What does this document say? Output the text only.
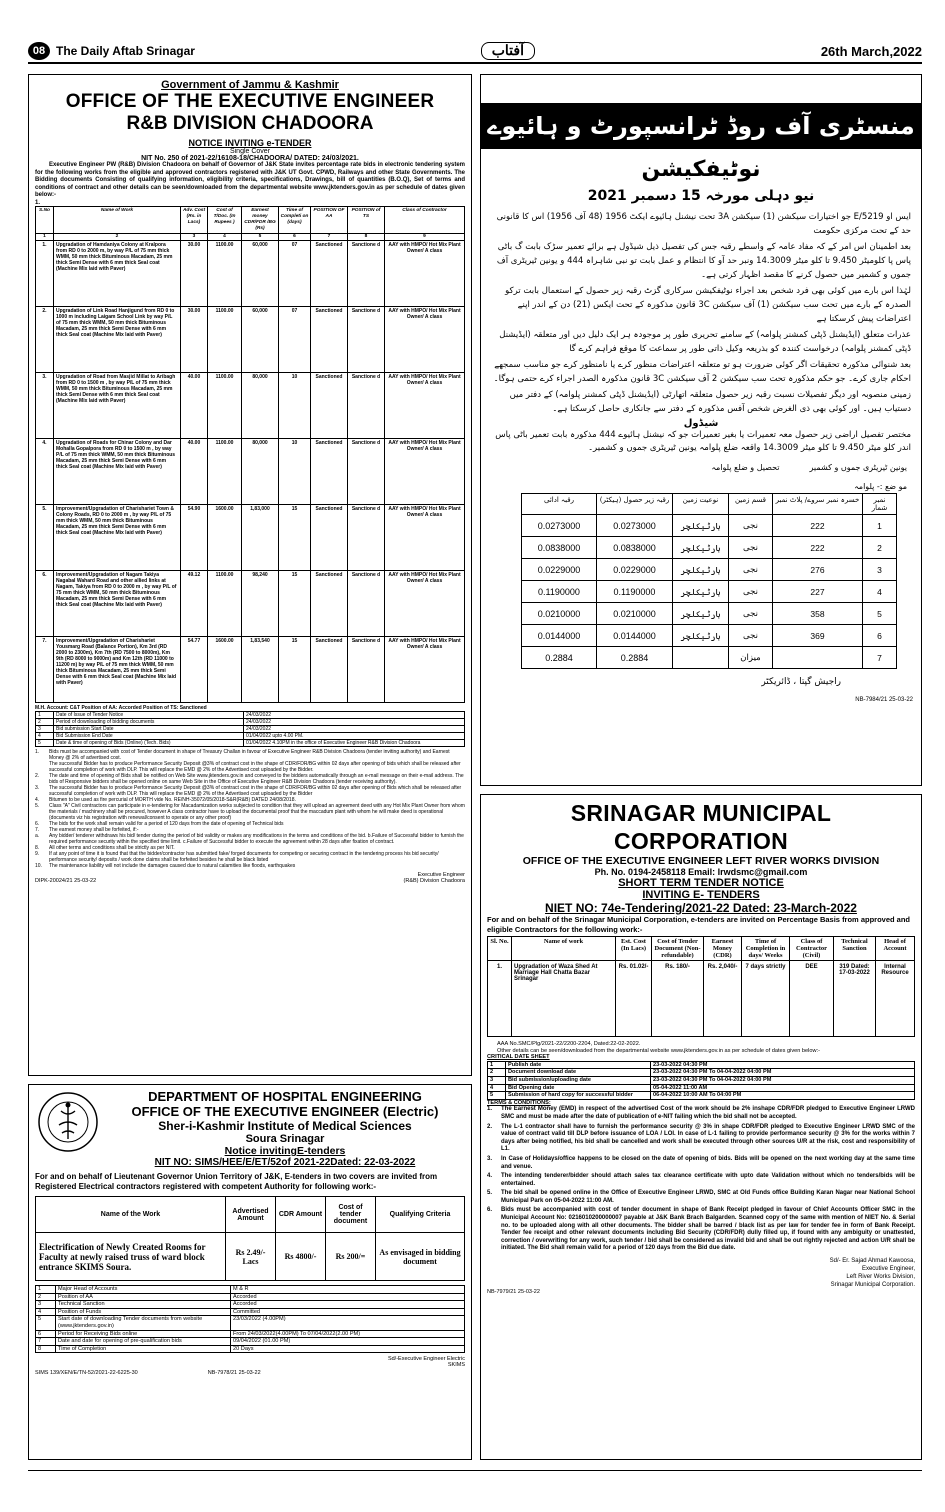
08 The Daily Aftab Srinagar	آفتاب	26th March,2022
Government of Jammu & Kashmir
OFFICE OF THE EXECUTIVE ENGINEER
R&B DIVISION CHADOORA
NOTICE INVITING e-TENDER
Single Cover
NIT No. 250 of 2021-22/16108-18/CHADOORA/ DATED: 24/03/2021.
Executive Engineer PW (R&B) Division Chadoora on behalf of Governor of J&K State invites percentage rate bids in electronic tendering system for the following works from the eligible and approved contractors registered with J&K UT Govt. CPWD, Railways and other State Governments. The Bidding documents Consisting of qualifying information, eligibility criteria, specifications, Drawings, bill of quantities (B.O.Q), Set of terms and conditions of contract and other details can be seen/downloaded from the departmental website www.jktenders.gov.in as per schedule of dates given below:-
1.
S.No	Name of Work	Adv. Cost (Rs. in Lacs)	Cost of T/Doc. (In Rupees )	Earnest money CDR/FDR /BG (Rs)	Time of Completi on (days)	POSITION OF AA	POSITION of TS	Class of Contractor
1	2	3	4	5	6	7	8	9
1.	Upgradation of Hamdaniya Colony at Kralpora from RD 0 to 2000 m, by way P/L of 75 mm thick WMM, 50 mm thick Bituminous Macadam, 25 mm thick Semi Dense with 6 mm thick Seal coat (Machine Mix laid with Paver)	30.00	1100.00	60,000	07	Sanctioned	Sanctione d	AAY with HMPO/ Hot Mix Plant Owner/ A class
2.	Upgradation of Link Road Hanjigund from RD 0 to 1000 m including Laigam School Link by way P/L of 75 mm thick WMM, 50 mm thick Bituminous Macadam, 25 mm thick Semi Dense with 6 mm thick Seal coat (Machine Mix laid with Paver)	30.00	1100.00	60,000	07	Sanctioned	Sanctione d	AAY with HMPO/ Hot Mix Plant Owner/ A class
3.	Upgradation of Road from Masjid Millat to Aribagh from RD 0 to 1500 m , by way P/L of 75 mm thick WMM, 50 mm thick Bituminous Macadam, 25 mm thick Semi Dense with 6 mm thick Seal coat (Machine Mix laid with Paver)	40.00	1100.00	80,000	10	Sanctioned	Sanctione d	AAY with HMPO/ Hot Mix Plant Owner/ A class
4.	Upgradation of Roads for Chinar Colony and Dar Mohalla Gopalpora from RD 0 to 1500 m , by way P/L of 75 mm thick WMM, 50 mm thick Bituminous Macadam, 25 mm thick Semi Dense with 6 mm thick Seal coat (Machine Mix laid with Paver)	40.00	1100.00	80,000	10	Sanctioned	Sanctione d	AAY with HMPO/ Hot Mix Plant Owner/ A class
5.	Improvement/Upgradation of Charishariet Town & Colony Roads, RD 0 to 2000 m , by way P/L of 75 mm thick WMM, 50 mm thick Bituminous Macadam, 25 mm thick Semi Dense with 6 mm thick Seal coat (Machine Mix laid with Paver)	54.90	1600.00	1,83,000	15	Sanctioned	Sanctione d	AAY with HMPO/ Hot Mix Plant Owner/ A class
6.	Improvement/Upgradation of Nagam Takiya Nagabal Wahard Road and other allied links at Nagam, Takiya from RD 0 to 2000 m , by way P/L of 75 mm thick WMM, 50 mm thick Bituminous Macadam, 25 mm thick Semi Dense with 6 mm thick Seal coat (Machine Mix laid with Paver)	49.12	1100.00	98,240	15	Sanctioned	Sanctione d	AAY with HMPO/ Hot Mix Plant Owner/ A class
7.	Improvement/Upgradation of Charishariet Yousmarg Road (Balance Portion), Km 3rd (RD 2000 to 2300m), Km 7th (RD 7500 to 8000m), Km 9th (RD 8000 to 9000m) and Km 12th (RD 11000 to 11200 m) by way P/L of 75 mm thick WMM, 50 mm thick Bituminous Macadam, 25 mm thick Semi Dense with 6 mm thick Seal coat (Machine Mix laid with Paver)	54.77	1600.00	1,83,540	15	Sanctioned	Sanctione d	AAY with HMPO/ Hot Mix Plant Owner/ A class
M.H. Account: C&T Position of AA: Accorded Position of TS: Sanctioned
1	Date of Issue of Tender Notice	24/03/2022
2	Period of downloading of bidding documents	24/03/2022
3	Bid submission Start Date	24/03/2022
4	Bid Submission End Date	01/04/2022 upto 4.00 PM.
5	Date & time of opening of Bids (Online) (Tech. Bids)	01/04/2022 4.10PM in the office of Executive Engineer R&B Division Chadoora
1.	Bids must be accompanied with cost of Tender document in shape of Treasury Challan in favour of Executive Engineer R&B Division Chadoora (tender inviting authority) and Earnest Money @ 2% of advertised cost.
The successful Bidder has to produce Performance Security Deposit @3% of contract cost in the shape of CDR/FDR/BG within 02 days after opening of bids which shall be released after successful completion of work with DLP. This will replace the EMD @ 2% of the Advertised cost uploaded by the Bidder.
2.	The date and time of opening of Bids shall be notified on Web Site www.jktenders.gov.in and conveyed to the bidders automatically through an e-mail message on their e-mail address. The bids of Responsive bidders shall be opened online on same Web Site in the Office of Executive Engineer R&B Division Chadoora (tender receiving authority).
3.	The successful Bidder has to produce Performance Security Deposit @3% of contract cost in the shape of CDR/FDR/BG within 02 days after opening of Bids which shall be released after successful completion of work with DLP. This will replace the EMD @ 2% of the Advertised cost uploaded by the Bidder
4.	Bitumen to be used as fire percurial of MORTH vide No. RE/NH-35072/05/2018-S&R(R&B) DATED 24/08/2018.
5.	Class "A" Civil contractors can participate in e-tendering for Macadamization works subjected to condition that they will upload an agreement deed with any Hot Mix Plant Owner from whom the materials / machinery shall be procured, however A class contractor have to upload the documental proof that the maccadum plant with whom he will make deed is operational (documents viz his registration with renewal/consent to operate or any other proof)
6.	The bids for the work shall remain valid for a period of 120 days from the date of opening of Technical bids
7.	The earnest money shall be forfeited, if:-
a.	Any bidder/ tenderer withdraws his bid/ tender during the period of bid validity or makes any modifications in the terms and conditions of the bid. b.Failure of Successful bidder to furnish the required performance security within the specified time limit. c.Failure of Successful bidder to execute the agreement within 28 days after fixation of contract.
8.	All other terms and conditions shall be strictly as per NIT.
9.	If at any point of time it is found that that the bidder/contractor has submitted fake/ forged documents for competing or securing contract in the tendering process his bid security/ performance security/ deposits / work done claims shall be forfeited besides he shall be black listed
10.	The maintenance liability will not include the damages caused due to natural calamities like floods, earthquakes
Executive Engineer
DIPK-20024/21 25-03-22	(R&B) Division Chadoora
DEPARTMENT OF HOSPITAL ENGINEERING
OFFICE OF THE EXECUTIVE ENGINEER (Electric)
Sher-i-Kashmir Institute of Medical Sciences
Soura Srinagar
Notice invitingE-tenders
NIT NO: SIMS/HEE/E/ET/52of 2021-22Dated: 22-03-2022
For and on behalf of Lieutenant Governor Union Territory of J&K, E-tenders in two covers are invited from Registered Electrical contractors registered with competent Authority for following work:-
Name of the Work	Advertised Amount	CDR Amount	Cost of tender document	Qualifying Criteria
Electrification of Newly Created Rooms for Faculty at newly raised truss of ward block entrance SKIMS Soura.	Rs 2.49/- Lacs	Rs 4800/-	Rs 200/=	As envisaged in bidding document
1	Major Head of Accounts	M & R
2	Position of AA	Accorded
3	Technical Sanction	Accorded
4	Position of Funds	Committed
5	Start date of downloading Tender documents from website (www.jktenders.gov.in)	23/03/2022 (4.00PM)
6	Period for Receiving Bids online	From 24/03/2022(4.00PM) To 07/04/2022(2.00 PM)
7	Date and date for opening of pre-qualification bids	09/04/2022 (01.00 PM)
8	Time of Completion	20 Days
Sd/-Executive Engineer Electric
SKIMS
SIMS 139/XEN/E/TN-52/2021-22-6225-30	NB-7978/21 25-03-22
منسٹری آف روڈ ٹرانسپورٹ و ہائیوے
نوٹیفکیشن
نیو دہلی مورخہ 15 دسمبر 2021
ایس او 5219/E جو اختیارات سیکشن (1) سیکشن 3A تحت نیشنل ہائیوے ایکٹ 1956 (48 آف 1956) اس کا قانونی حد کے تحت مرکزی حکومت
بعد اطمینان اس امر کے کہ مفاد عامہ کے واسطے رقبہ جس کی تفصیل ذیل شیڈول ہے برائے تعمیر سڑک بابت گ باٹی پاس پا کلومیٹر 9.450 تا کلو میٹر 14.3009 ونبر حد آو کا انتظام و عمل بابت تو نبی شاہراہ 444 و یونین ٹیریٹری آف جموں و کشمیر میں حصول کرنے کا مقصد اظہار کرتی ہے۔
لہٰذا اس بارے میں کوئی بھی فرد شخص بعد اجراء نوٹیفکیشن سرکاری گزٹ رقبہ زیر حصول کے استعمال بابت ترکو الصدرہ کے بارے میں تحت سب سیکشن (1) آف سیکشن 3C قانون مذکورہ کے تحت ایکس (21) دن کے اندر اپنے اعتراضات پیش کرسکتا ہے
عذرات متعلق (ایڈیشنل ڈپٹی کمشنر پلوامہ) کے سامنے تحریری طور پر موجودہ ہر ایک دلیل دیں اور متعلقہ (ایڈیشنل ڈپٹی کمشنر پلوامہ) درخواست کنندہ کو بذریعہ وکیل ذاتی طور پر سماعت کا موقع فراہم کرے گا
بعد شنوائی مذکورہ تحقیقات اگر کوئی ضرورت ہو تو متعلقہ اعتراضات منظور کرے یا نامنظور کرے جو مناسب سمجھے احکام جاری کرے۔ جو حکم مذکورہ تحت سب سیکشن 2 آف سیکشن 3C قانون مذکورہ الصدر اجراء کرے حتمی ہوگا۔
زمینی منصوبہ اور دیگر تفصیلات نسبت رقبہ زیر حصول متعلقہ اتھارٹی (ایڈیشنل ڈپٹی کمشنر پلوامہ) کے دفتر میں دستیاب ہیں۔ اور کوئی بھی ذی الغرض شخص آفس مذکورہ کے دفتر سے جانکاری حاصل کرسکتا ہے۔
شیڈول
مختصر تفصیل اراضی زیر حصول معہ تعمیرات یا بغیر تعمیرات جو کہ نیشنل ہائیوے 444 مذکورہ بابت تعمیر باٹی پاس اندر کلو میٹر 9.450 تا کلو میٹر 14.3009 واقعہ ضلع پلوامہ یونین ٹیریٹری جموں و کشمیر۔
یونین ٹیریٹری جموں و کشمیر
تحصیل و ضلع پلوامہ
مو ضع :- پلوامہ
نمبر شمار	خسرہ نمبر سروے/ پلاٹ نمبر	قسم زمین	نوعیت زمین	رقبہ زیر حصول (ہیکٹر)	رقبہ ادائی
1	222	نجی	ہارٹیکلچر	0.0273000	0.0273000
2	222	نجی	ہارٹیکلچر	0.0838000	0.0838000
3	276	نجی	ہارٹیکلچر	0.0229000	0.0229000
4	227	نجی	ہارٹیکلچر	0.1190000	0.1190000
5	358	نجی	ہارٹیکلچر	0.0210000	0.0210000
6	369	نجی	ہارٹیکلچر	0.0144000	0.0144000
7		میزان		0.2884	0.2884
راجیش گپتا ، ڈائریکٹر
NB-7984/21 25-03-22
SRINAGAR MUNICIPAL CORPORATION
OFFICE OF THE EXECUTIVE ENGINEER LEFT RIVER WORKS DIVISION
Ph. No. 0194-2458118 Email: lrwdsmc@gmail.com
SHORT TERM TENDER NOTICE
INVITING E- TENDERS
NIET NO: 74e-Tendering/2021-22 Dated: 23-March-2022
For and on behalf of the Srinagar Municipal Corporation, e-tenders are invited on Percentage Basis from approved and eligible Contractors for the following work:-
Sl. No.	Name of work	Est. Cost (In Lacs)	Cost of Tender Document (Non-refundable)	Earnest Money (CDR)	Time of Completion in days/ Weeks	Class of Contractor (Civil)	Technical Sanction	Head of Account
1.	Upgradation of Waza Shed At Marriage Hall Chatta Bazar Srinagar	Rs. 01.02/-	Rs. 180/-	Rs. 2,040/-	7 days strictly	DEE	319 Dated: 17-03-2022	Internal Resource
AAA No.SMC/Plg/2021-22/2200-2204, Dated:22-02-2022.
Other details can be seen/downloaded from the departmental website www.jktenders.gov.in as per schedule of dates given below:-
CRITICAL DATE SHEET
1	Publish date	23-03-2022 04:30 PM
2	Document download date	23-03-2022 04:30 PM To 04-04-2022 04:00 PM
3	Bid submission/uploading date	23-03-2022 04:30 PM To 04-04-2022 04:00 PM
4	Bid Opening date	05-04-2022 11:00 AM
5	Submission of hard copy for successful bidder	06-04-2022 10:00 AM To 04:00 PM
TERMS & CONDITIONS:
1.	The Earnest Money (EMD) in respect of the advertised Cost of the work should be 2% inshape CDR/FDR pledged to Executive Engineer LRWD SMC and must be made after the date of publication of e-NIT failing which the bid shall not be accepted.
2.	The L-1 contractor shall have to furnish the performance security @ 3% in shape CDR/FDR pledged to Executive Engineer LRWD SMC of the value of contract valid till DLP before issuance of LOA / LOI. In case of L-1 failing to provide performance security @ 3% for the works within 7 days after being notified, his bid shall be cancelled and work shall be executed through other sources U/R at the risk, cost and responsibility of L1.
3.	In Case of Holidays/office happens to be closed on the date of opening of bids. Bids will be opened on the next working day at the same time and venue.
4.	The intending tenderer/bidder should attach sales tax clearance certificate with upto date Validation without which no tenders/bids will be entertained.
5.	The bid shall be opened online in the Office of Executive Engineer LRWD, SMC at Old Funds office Building Karan Nagar near National School Municipal Park on 05-04-2022 11:00 AM.
6.	Bids must be accompanied with cost of tender document in shape of Bank Receipt pledged in favour of Chief Accounts Officer SMC in the Municipal Account No: 0216010200000007 payable at J&K Bank Brach Balgarden. Scanned copy of the same with mention of NIET No. & Serial no. to be uploaded along with all other documents. The bidder shall be barred / black list as per law for tender fee in form of Bank Receipt. Tender fee receipt and other relevant documents including Bid Security (CDR/FDR) dully filled up, if found with any ambiguity or unattested, correction / overwriting for any work, such tender / bid shall be considered as invalid bid and shall be out rightly rejected and action U/R shall be initiated. The Bid shall remain valid for a period of 120 days from the Bid due date.
Sd/- Er. Sajad Ahmad Kawoosa,
Executive Engineer,
Left River Works Division,
Srinagar Municipal Corporation.
NB-7979/21 25-03-22
